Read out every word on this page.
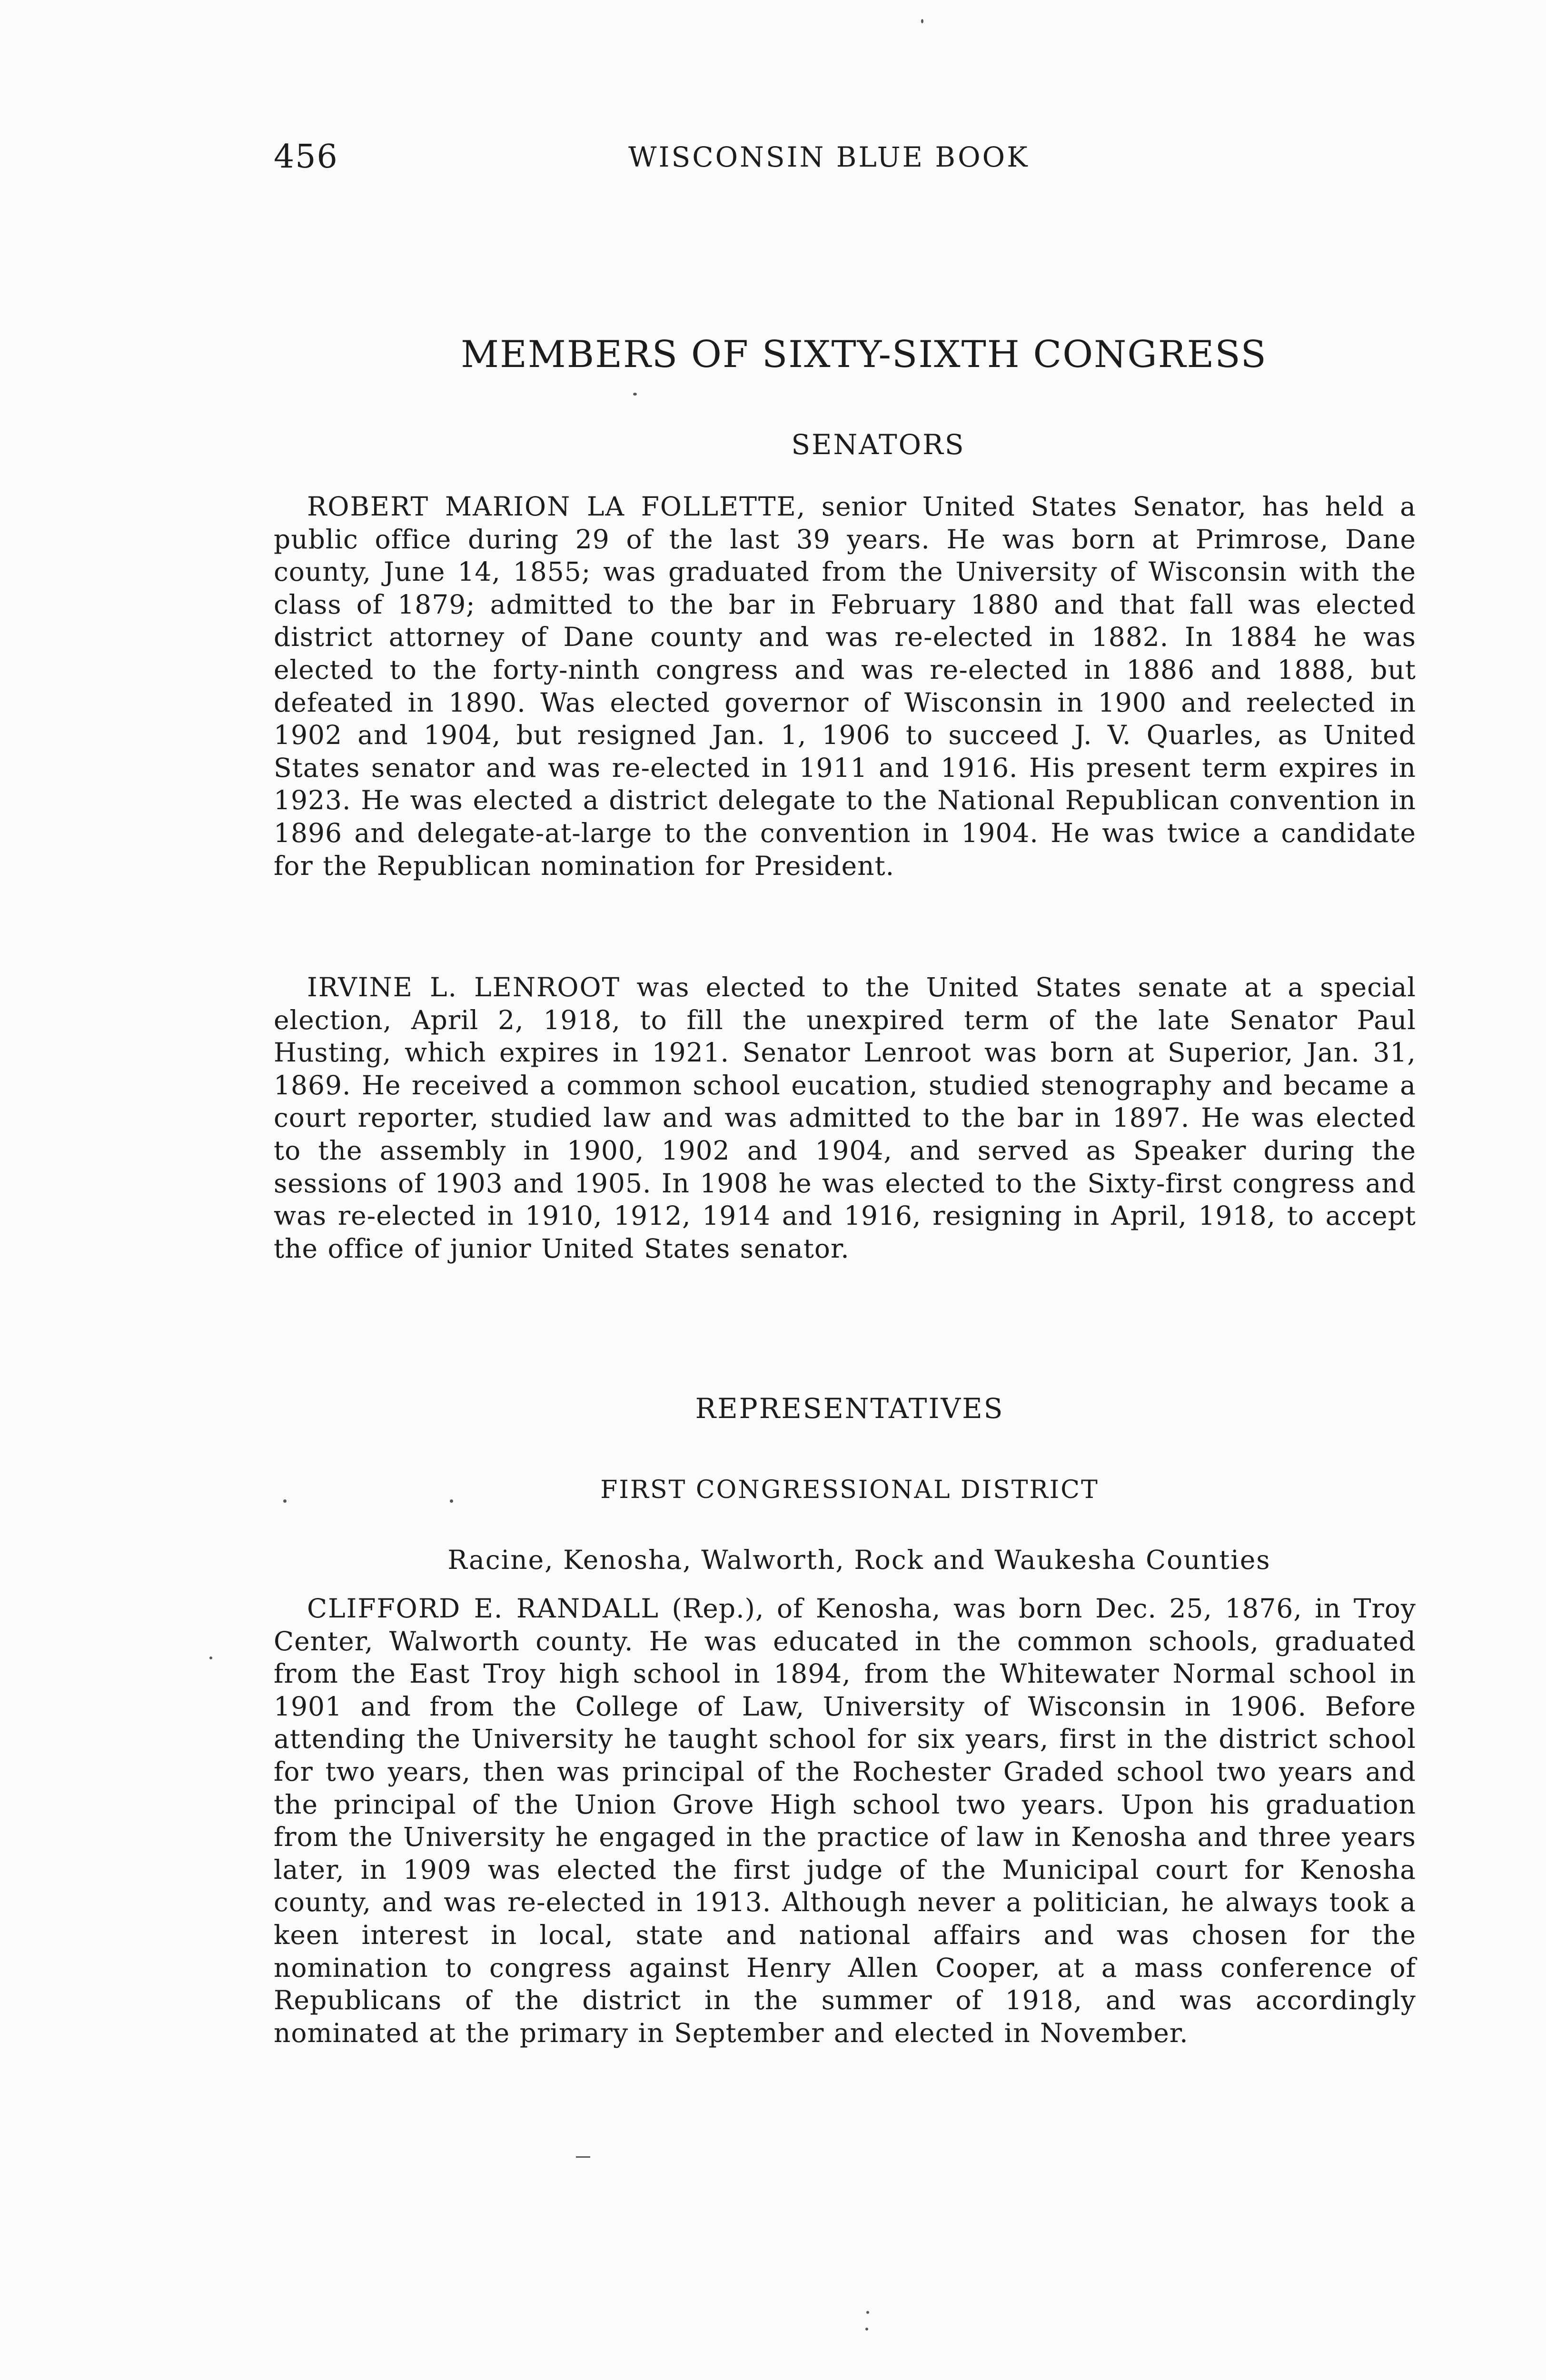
456	WISCONSIN BLUE BOOK
MEMBERS OF SIXTY-SIXTH CONGRESS
SENATORS

ROBERT MARION LA FOLLETTE, senior United States Senator, has held a public office during 29 of the last 39 years. He was born at Primrose, Dane county, June 14, 1855; was graduated from the University of Wisconsin with the class of 1879; admitted to the bar in February 1880 and that fall was elected district attorney of Dane county and was re-elected in 1882. In 1884 he was elected to the forty-ninth congress and was re-elected in 1886 and 1888, but defeated in 1890. Was elected governor of Wisconsin in 1900 and reelected in 1902 and 1904, but resigned Jan. 1, 1906 to succeed J. V. Quarles, as United States senator and was re-elected in 1911 and 1916. His present term expires in 1923. He was elected a district delegate to the National Republican convention in 1896 and delegate-at-large to the convention in 1904. He was twice a candidate for the Republican nomination for President.

IRVINE L. LENROOT was elected to the United States senate at a special election, April 2, 1918, to fill the unexpired term of the late Senator Paul Husting, which expires in 1921. Senator Lenroot was born at Superior, Jan. 31, 1869. He received a common school eucation, studied stenography and became a court reporter, studied law and was admitted to the bar in 1897. He was elected to the assembly in 1900, 1902 and 1904, and served as Speaker during the sessions of 1903 and 1905. In 1908 he was elected to the Sixty-first congress and was re-elected in 1910, 1912, 1914 and 1916, resigning in April, 1918, to accept the office of junior United States senator.

REPRESENTATIVES
FIRST CONGRESSIONAL DISTRICT
Racine, Kenosha, Walworth, Rock and Waukesha Counties

CLIFFORD E. RANDALL (Rep.), of Kenosha, was born Dec. 25, 1876, in Troy Center, Walworth county. He was educated in the common schools, graduated from the East Troy high school in 1894, from the Whitewater Normal school in 1901 and from the College of Law, University of Wisconsin in 1906. Before attending the University he taught school for six years, first in the district school for two years, then was principal of the Rochester Graded school two years and the principal of the Union Grove High school two years. Upon his graduation from the University he engaged in the practice of law in Kenosha and three years later, in 1909 was elected the first judge of the Municipal court for Kenosha county, and was re-elected in 1913. Although never a politician, he always took a keen interest in local, state and national affairs and was chosen for the nomination to congress against Henry Allen Cooper, at a mass conference of Republicans of the district in the summer of 1918, and was accordingly nominated at the primary in September and elected in November.
